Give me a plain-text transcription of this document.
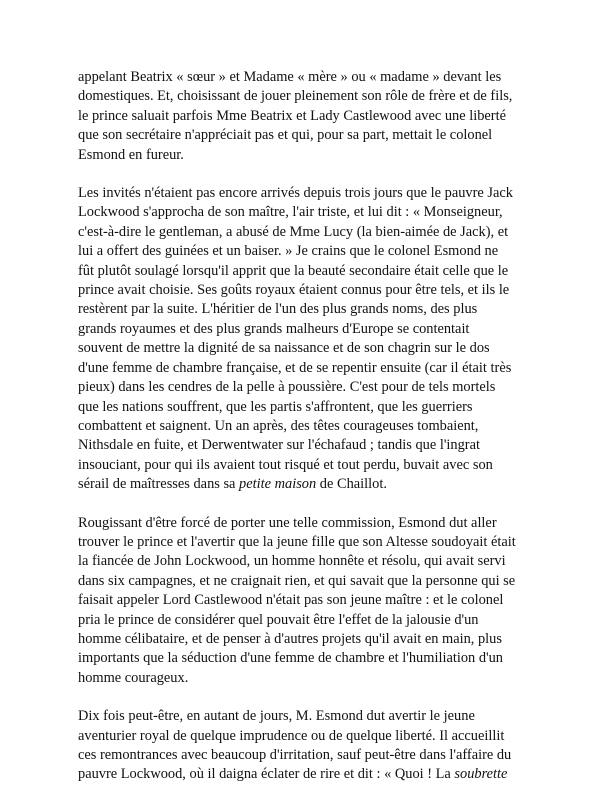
appelant Beatrix « sœur » et Madame « mère » ou « madame » devant les
domestiques. Et, choisissant de jouer pleinement son rôle de frère et de fils,
le prince saluait parfois Mme Beatrix et Lady Castlewood avec une liberté
que son secrétaire n'appréciait pas et qui, pour sa part, mettait le colonel
Esmond en fureur.

Les invités n'étaient pas encore arrivés depuis trois jours que le pauvre Jack
Lockwood s'approcha de son maître, l'air triste, et lui dit : « Monseigneur,
c'est-à-dire le gentleman, a abusé de Mme Lucy (la bien-aimée de Jack), et
lui a offert des guinées et un baiser. » Je crains que le colonel Esmond ne
fût plutôt soulagé lorsqu'il apprit que la beauté secondaire était celle que le
prince avait choisie. Ses goûts royaux étaient connus pour être tels, et ils le
restèrent par la suite. L'héritier de l'un des plus grands noms, des plus
grands royaumes et des plus grands malheurs d'Europe se contentait
souvent de mettre la dignité de sa naissance et de son chagrin sur le dos
d'une femme de chambre française, et de se repentir ensuite (car il était très
pieux) dans les cendres de la pelle à poussière. C'est pour de tels mortels
que les nations souffrent, que les partis s'affrontent, que les guerriers
combattent et saignent. Un an après, des têtes courageuses tombaient,
Nithsdale en fuite, et Derwentwater sur l'échafaud ; tandis que l'ingrat
insouciant, pour qui ils avaient tout risqué et tout perdu, buvait avec son
sérail de maîtresses dans sa petite maison de Chaillot.

Rougissant d'être forcé de porter une telle commission, Esmond dut aller
trouver le prince et l'avertir que la jeune fille que son Altesse soudoyait était
la fiancée de John Lockwood, un homme honnête et résolu, qui avait servi
dans six campagnes, et ne craignait rien, et qui savait que la personne qui se
faisait appeler Lord Castlewood n'était pas son jeune maître : et le colonel
pria le prince de considérer quel pouvait être l'effet de la jalousie d'un
homme célibataire, et de penser à d'autres projets qu'il avait en main, plus
importants que la séduction d'une femme de chambre et l'humiliation d'un
homme courageux.

Dix fois peut-être, en autant de jours, M. Esmond dut avertir le jeune
aventurier royal de quelque imprudence ou de quelque liberté. Il accueillit
ces remontrances avec beaucoup d'irritation, sauf peut-être dans l'affaire du
pauvre Lockwood, où il daigna éclater de rire et dit : « Quoi ! La soubrette
